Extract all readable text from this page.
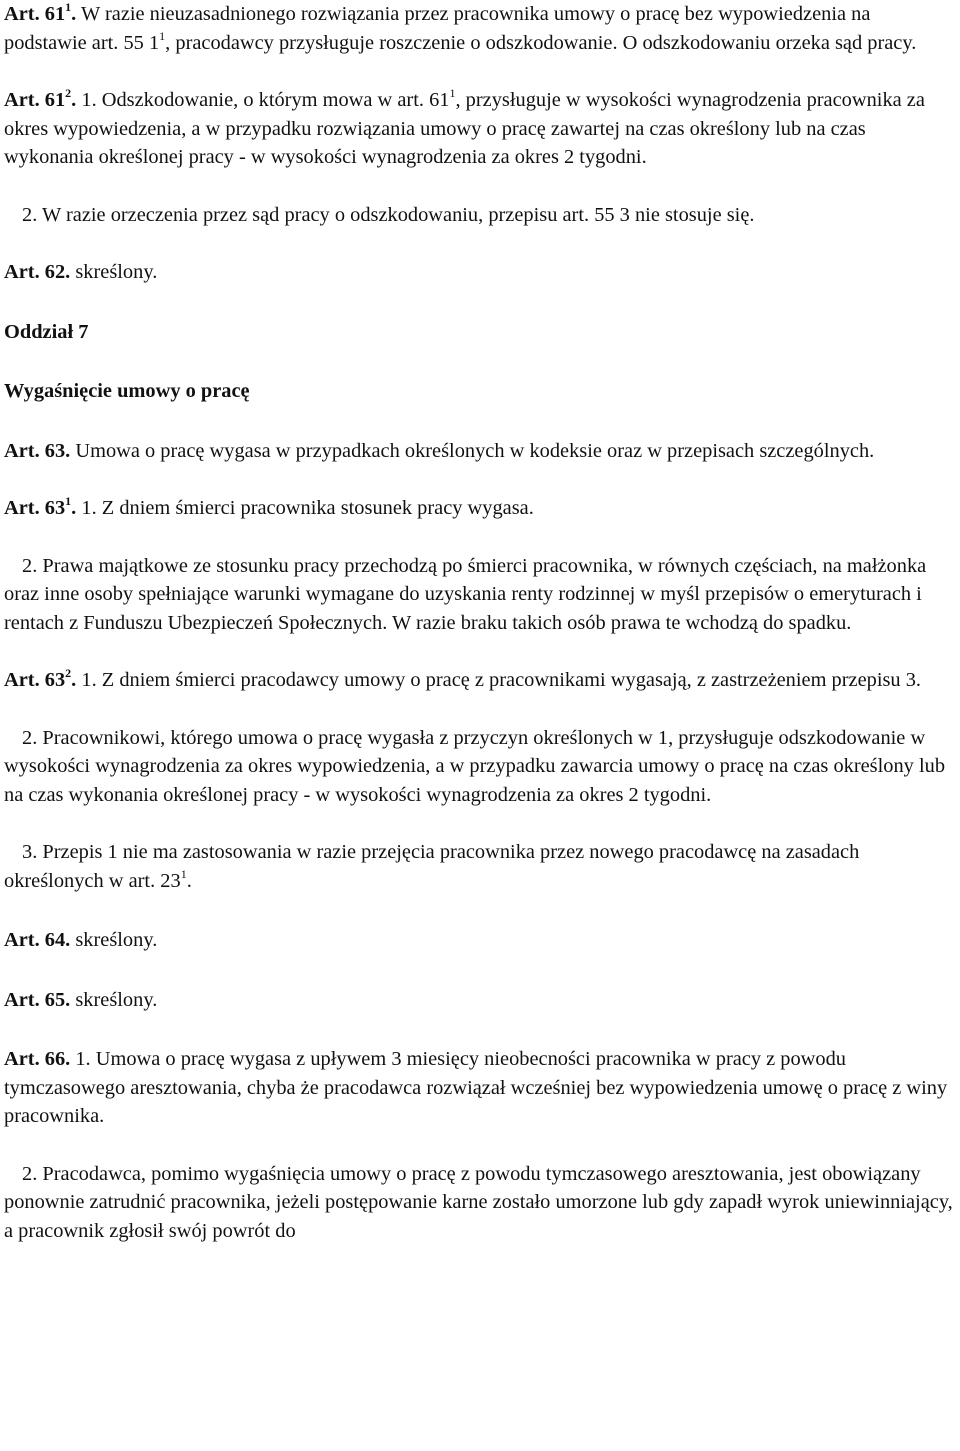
Art. $61^1$. W razie nieuzasadnionego rozwiązania przez pracownika umowy o pracę bez wypowiedzenia na podstawie art. 55 $1^1$, pracodawcy przysługuje roszczenie o odszkodowanie. O odszkodowaniu orzeka sąd pracy.

Art. $61^2$. 1. Odszkodowanie, o którym mowa w art. $61^1$, przysługuje w wysokości wynagrodzenia pracownika za okres wypowiedzenia, a w przypadku rozwiązania umowy o pracę zawartej na czas określony lub na czas wykonania określonej pracy - w wysokości wynagrodzenia za okres 2 tygodni.

2. W razie orzeczenia przez sąd pracy o odszkodowaniu, przepisu art. 55 3 nie stosuje się.

Art. 62. skreślony.

Oddział 7

Wygaśnięcie umowy o pracę

Art. 63. Umowa o pracę wygasa w przypadkach określonych w kodeksie oraz w przepisach szczególnych.

Art. $63^1$. 1. Z dniem śmierci pracownika stosunek pracy wygasa.

2. Prawa majątkowe ze stosunku pracy przechodzą po śmierci pracownika, w równych częściach, na małżonka oraz inne osoby spełniające warunki wymagane do uzyskania renty rodzinnej w myśl przepisów o emeryturach i rentach z Funduszu Ubezpieczeń Społecznych. W razie braku takich osób prawa te wchodzą do spadku.

Art. $63^2$. 1. Z dniem śmierci pracodawcy umowy o pracę z pracownikami wygasają, z zastrzeżeniem przepisu 3.

2. Pracownikowi, którego umowa o pracę wygasła z przyczyn określonych w 1, przysługuje odszkodowanie w wysokości wynagrodzenia za okres wypowiedzenia, a w przypadku zawarcia umowy o pracę na czas określony lub na czas wykonania określonej pracy - w wysokości wynagrodzenia za okres 2 tygodni.

3. Przepis 1 nie ma zastosowania w razie przejęcia pracownika przez nowego pracodawcę na zasadach określonych w art. $23^1$.

Art. 64. skreślony.

Art. 65. skreślony.

Art. 66. 1. Umowa o pracę wygasa z upływem 3 miesięcy nieobecności pracownika w pracy z powodu tymczasowego aresztowania, chyba że pracodawca rozwiązał wcześniej bez wypowiedzenia umowę o pracę z winy pracownika.

2. Pracodawca, pomimo wygaśnięcia umowy o pracę z powodu tymczasowego aresztowania, jest obowiązany ponownie zatrudnić pracownika, jeżeli postępowanie karne zostało umorzone lub gdy zapadł wyrok uniewinniający, a pracownik zgłosił swój powrót do
